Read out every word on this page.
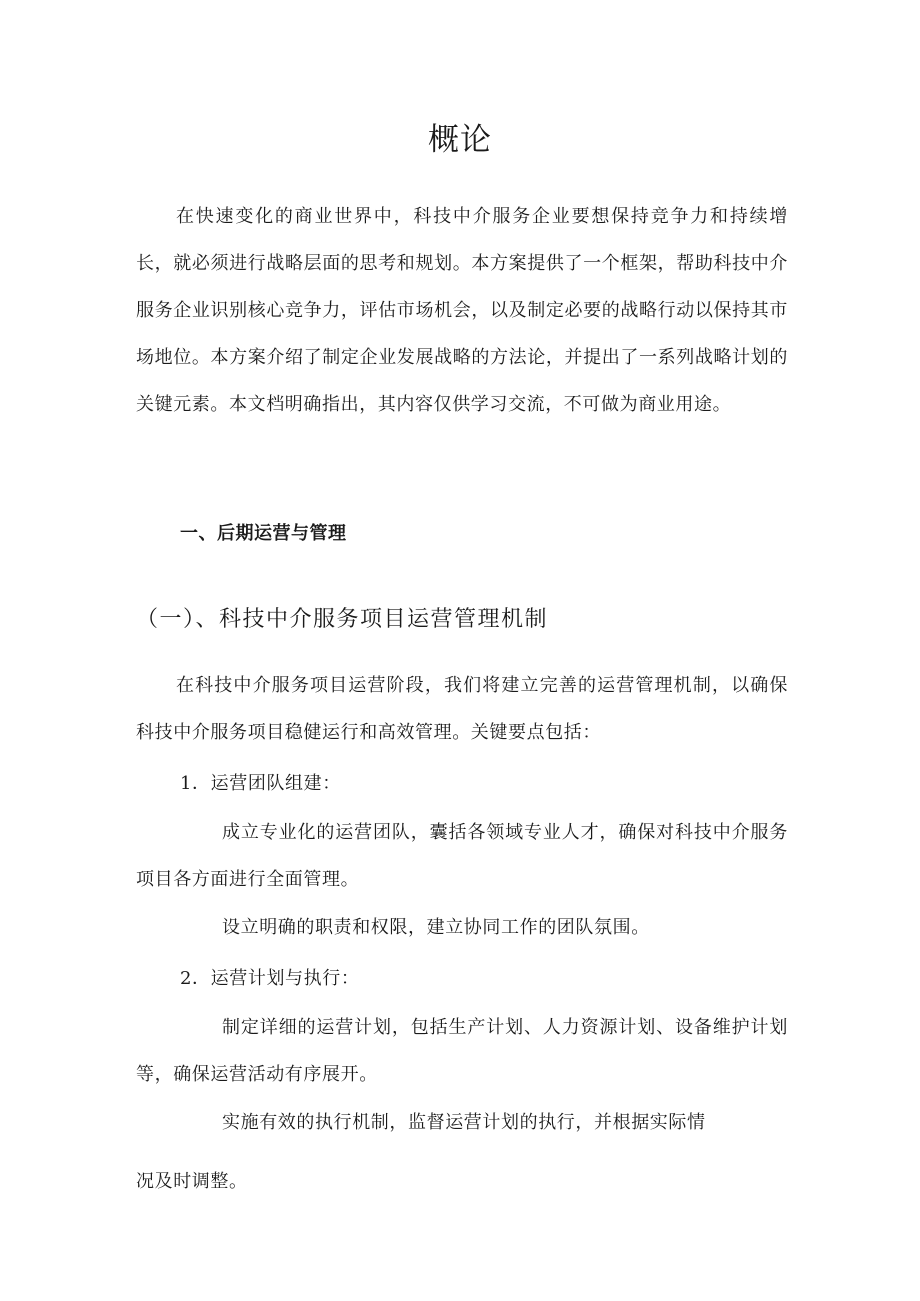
概论
在快速变化的商业世界中，科技中介服务企业要想保持竞争力和持续增长，就必须进行战略层面的思考和规划。本方案提供了一个框架，帮助科技中介服务企业识别核心竞争力，评估市场机会，以及制定必要的战略行动以保持其市场地位。本方案介绍了制定企业发展战略的方法论，并提出了一系列战略计划的关键元素。本文档明确指出，其内容仅供学习交流，不可做为商业用途。
一、后期运营与管理
（一）、科技中介服务项目运营管理机制
在科技中介服务项目运营阶段，我们将建立完善的运营管理机制，以确保科技中介服务项目稳健运行和高效管理。关键要点包括：
1．运营团队组建：
成立专业化的运营团队，囊括各领域专业人才，确保对科技中介服务项目各方面进行全面管理。
设立明确的职责和权限，建立协同工作的团队氛围。
2．运营计划与执行：
制定详细的运营计划，包括生产计划、人力资源计划、设备维护计划等，确保运营活动有序展开。
实施有效的执行机制，监督运营计划的执行，并根据实际情
况及时调整。
